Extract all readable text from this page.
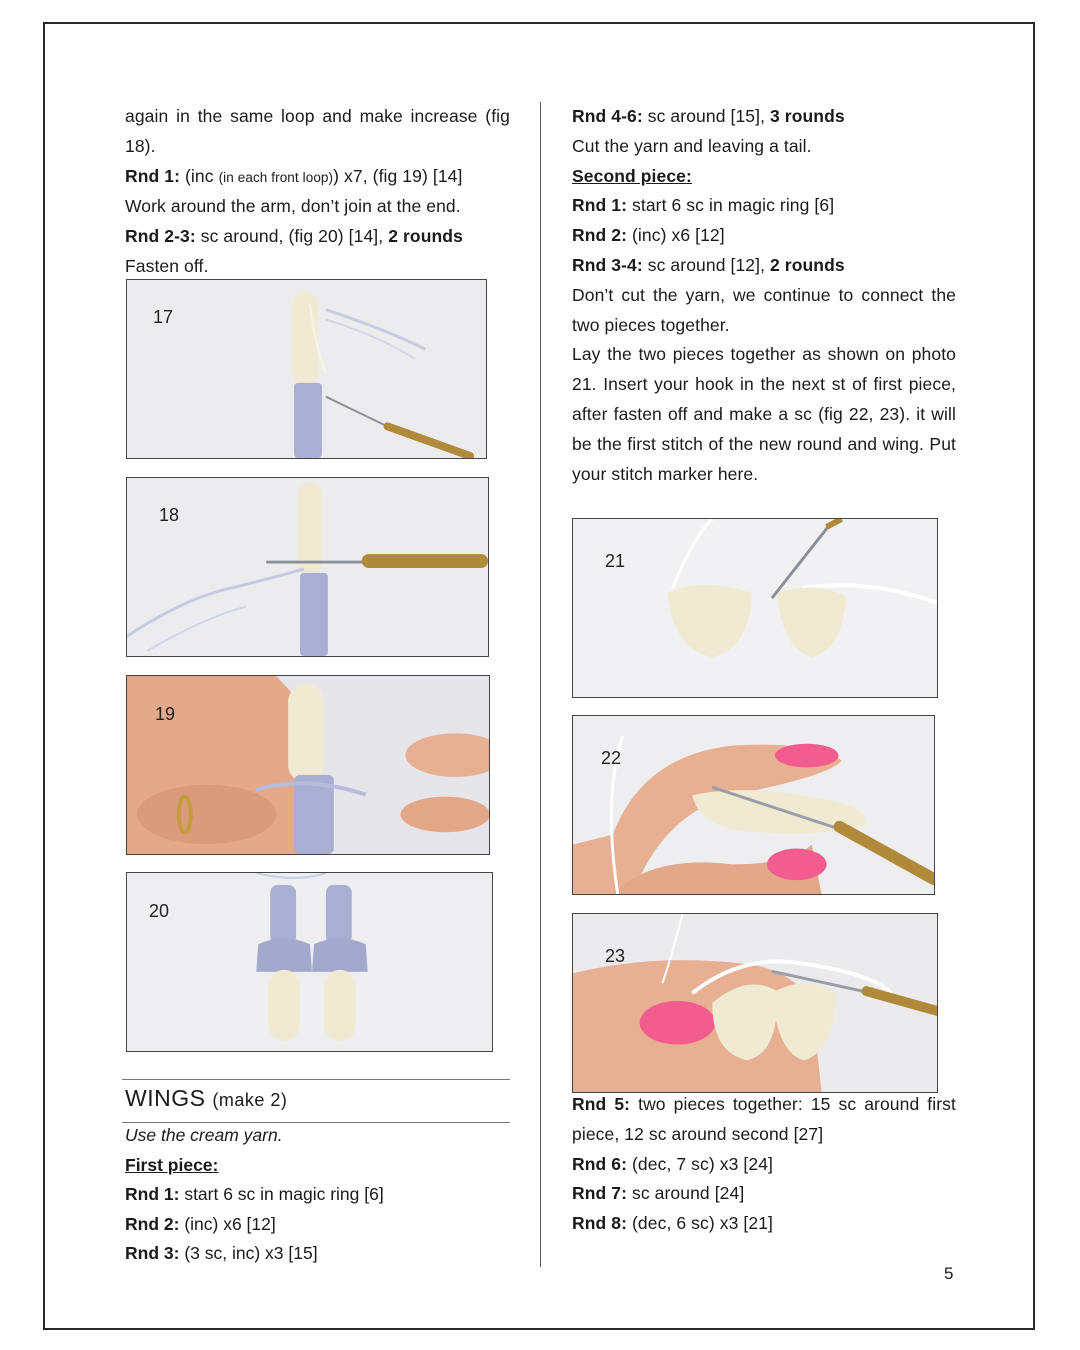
again in the same loop and make increase (fig 18).

Rnd 1: (inc (in each front loop)) x7, (fig 19) [14]

Work around the arm, don’t join at the end.

Rnd 2-3: sc around, (fig 20) [14], 2 rounds

Fasten off.

17
18
19
20
WINGS (make 2)

Use the cream yarn.

First piece:

Rnd 1: start 6 sc in magic ring [6]

Rnd 2: (inc) x6 [12]

Rnd 3: (3 sc, inc) x3 [15]

Rnd 4-6: sc around [15], 3 rounds

Cut the yarn and leaving a tail.

Second piece:

Rnd 1: start 6 sc in magic ring [6]

Rnd 2: (inc) x6 [12]

Rnd 3-4: sc around [12], 2 rounds

Don’t cut the yarn, we continue to connect the two pieces together.

Lay the two pieces together as shown on photo 21. Insert your hook in the next st of first piece, after fasten off and make a sc (fig 22, 23). it will be the first stitch of the new round and wing. Put your stitch marker here.

21
22
23

Rnd 5: two pieces together: 15 sc around first piece, 12 sc around second [27]

Rnd 6: (dec, 7 sc) x3 [24]

Rnd 7: sc around [24]

Rnd 8: (dec, 6 sc) x3 [21]

5
